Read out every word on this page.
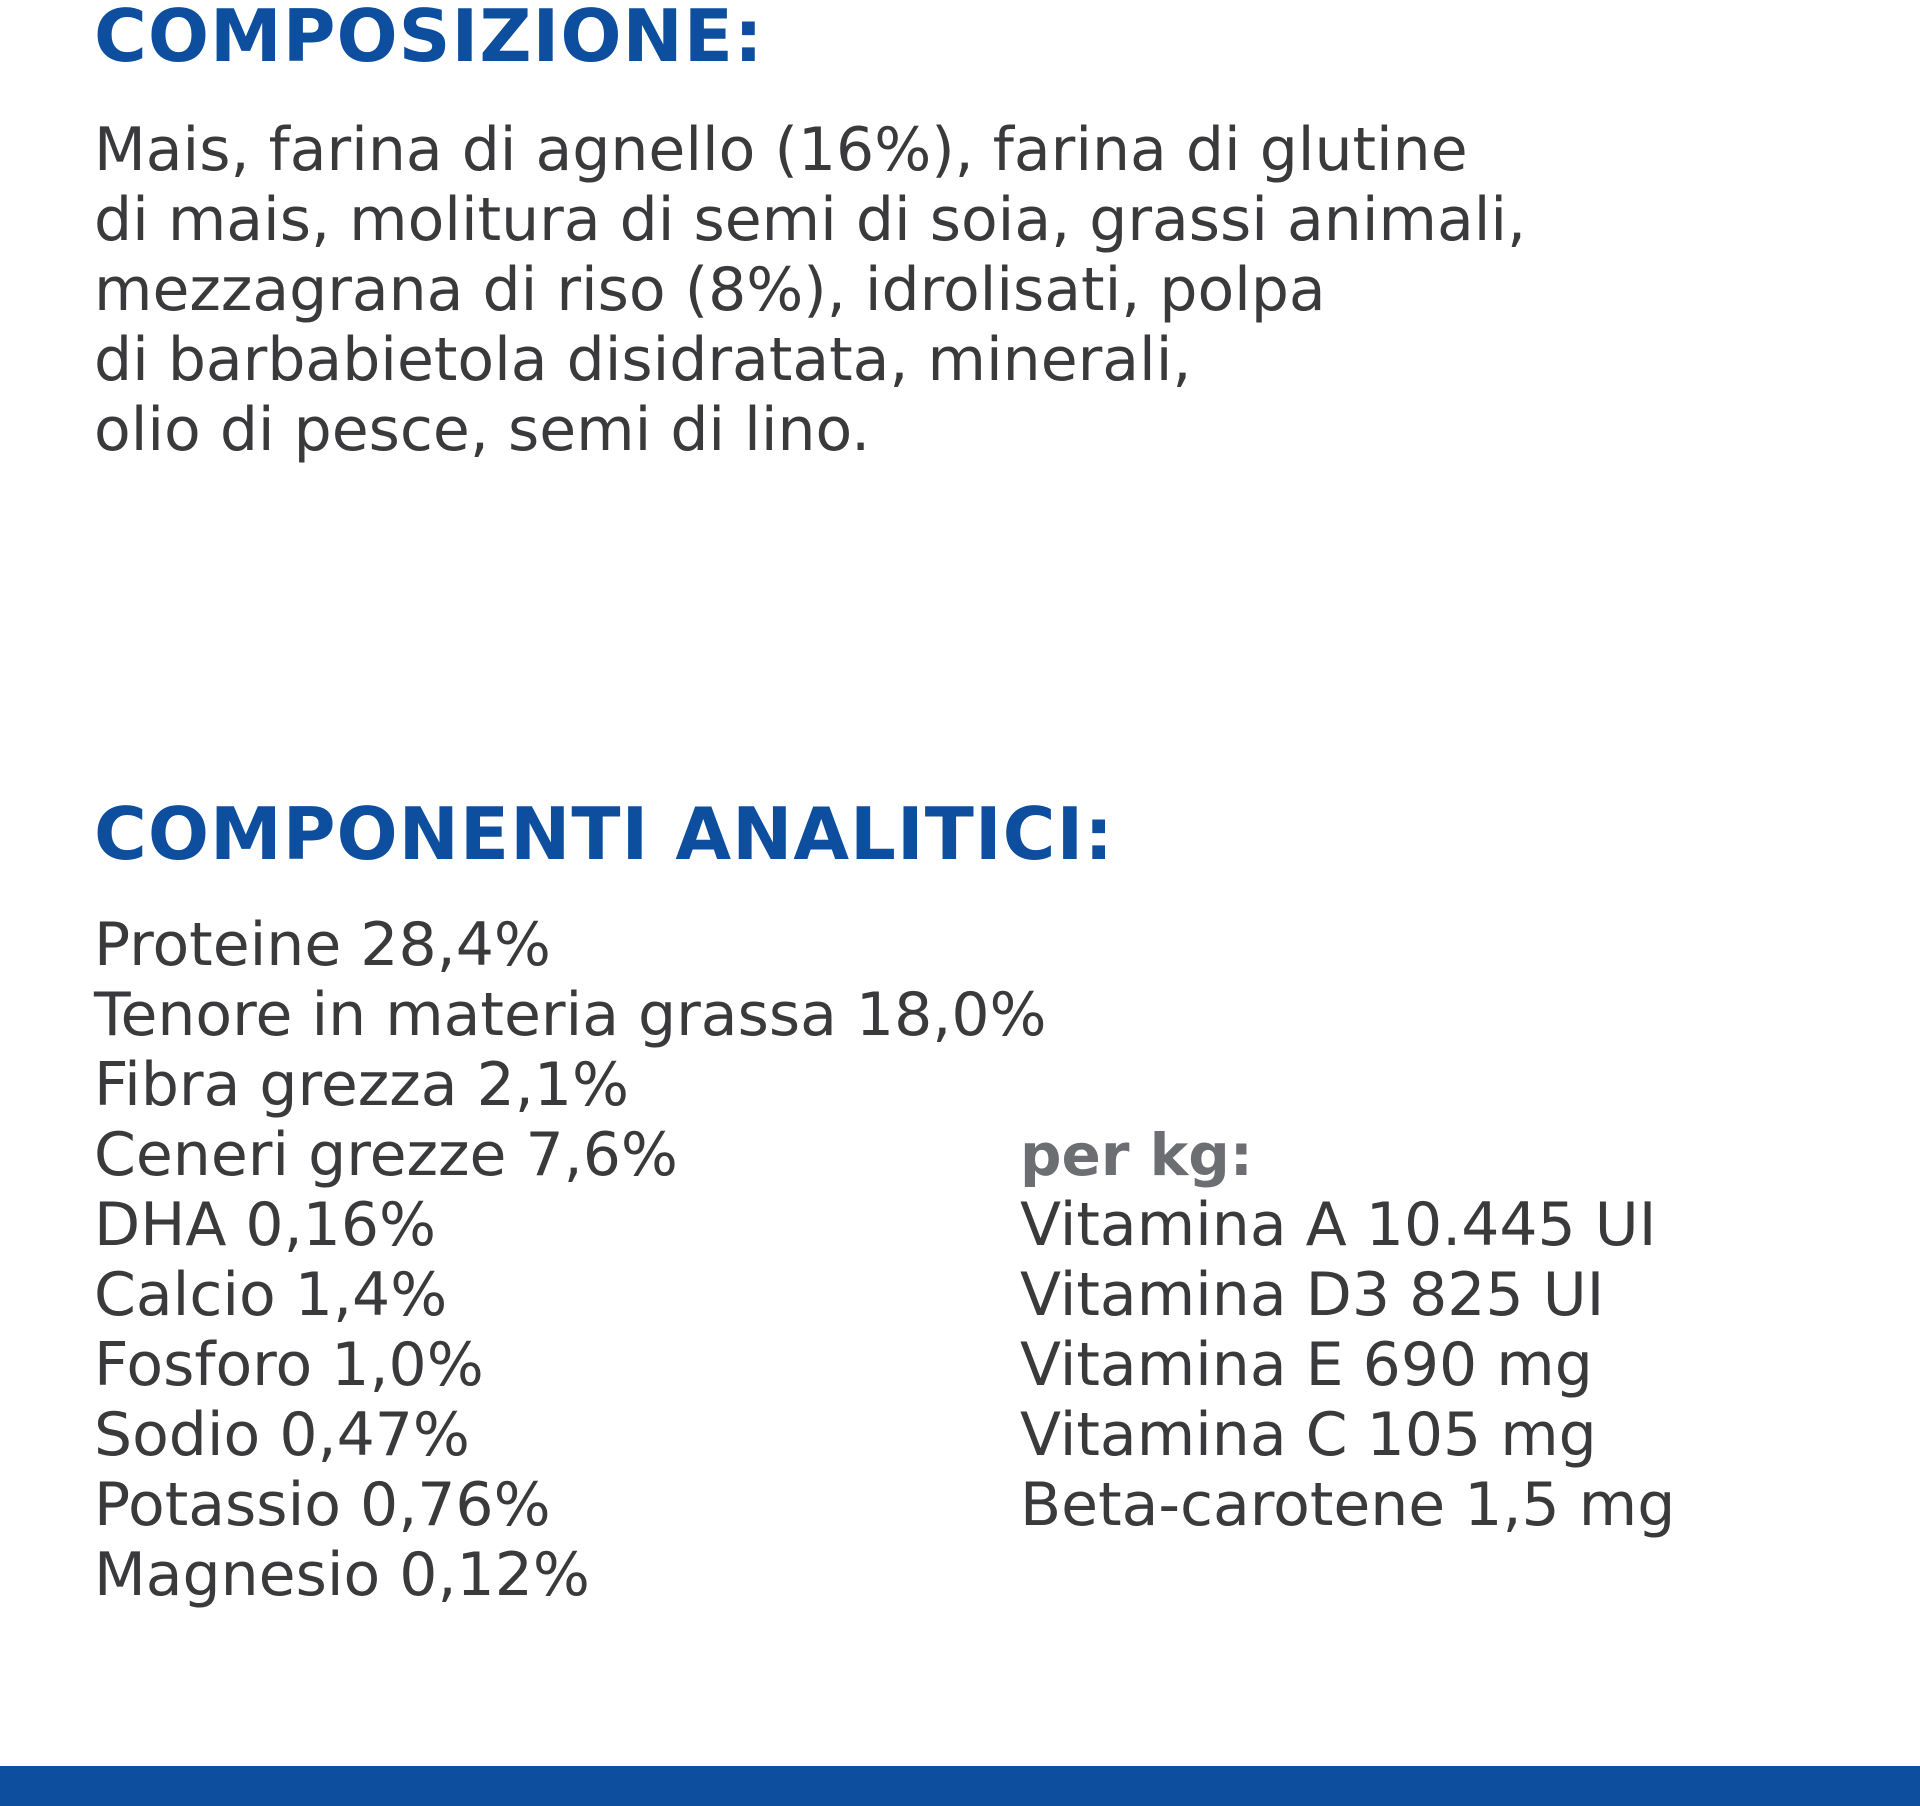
COMPOSIZIONE:

Mais, farina di agnello (16%), farina di glutine
di mais, molitura di semi di soia, grassi animali,
mezzagrana di riso (8%), idrolisati, polpa
di barbabietola disidratata, minerali,
olio di pesce, semi di lino.

COMPONENTI ANALITICI:
Proteine 28,4%
Tenore in materia grassa 18,0%
Fibra grezza 2,1%
Ceneri grezze 7,6%
DHA 0,16%
Calcio 1,4%
Fosforo 1,0%
Sodio 0,47%
Potassio 0,76%
Magnesio 0,12%
per kg:
Vitamina A 10.445 UI
Vitamina D3 825 UI
Vitamina E 690 mg
Vitamina C 105 mg
Beta-carotene 1,5 mg
